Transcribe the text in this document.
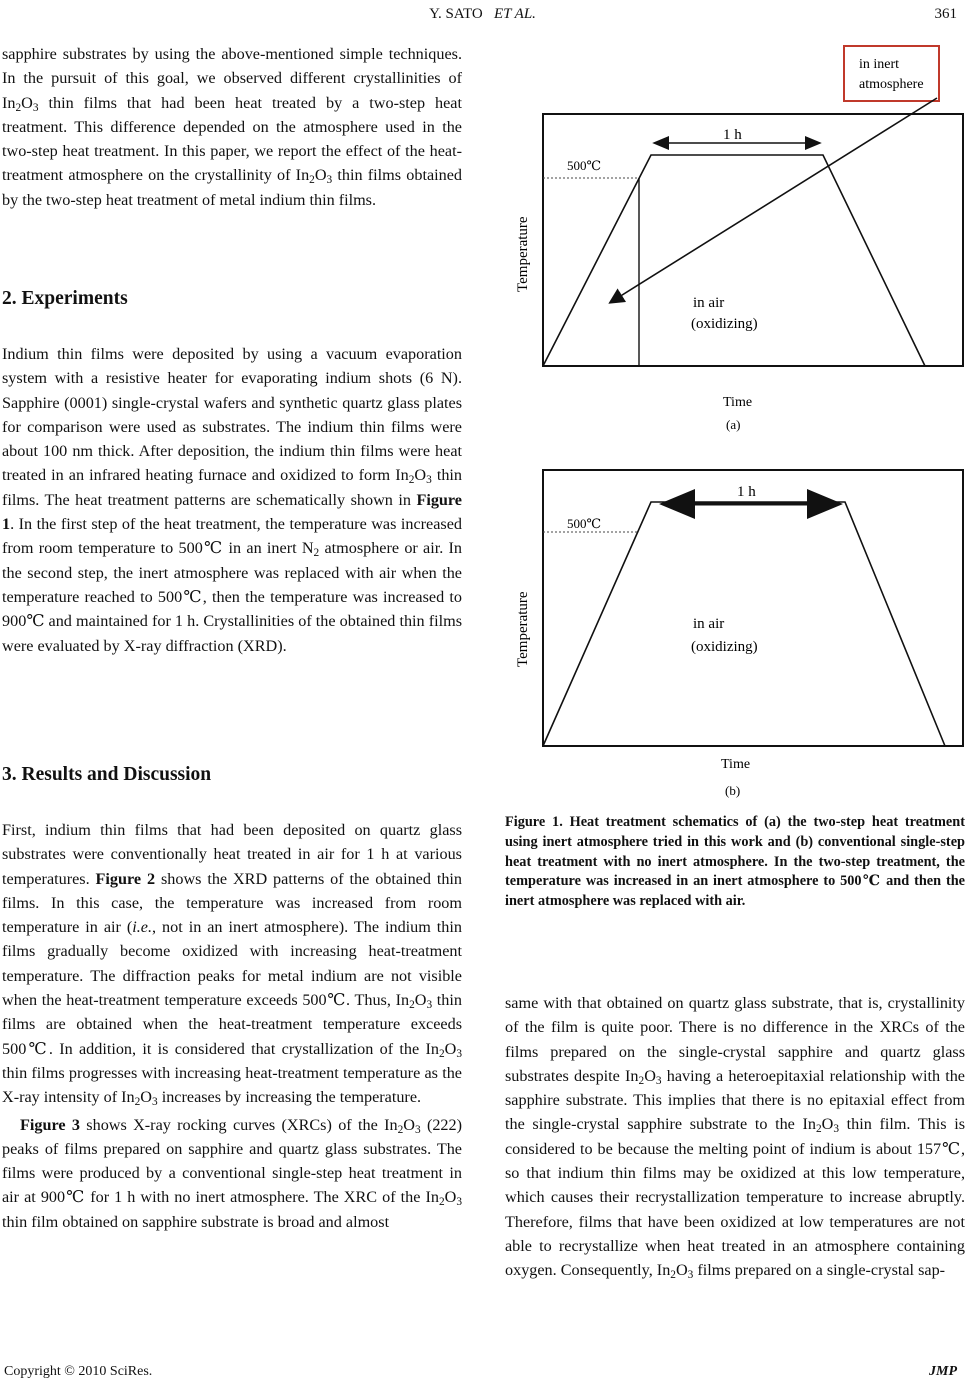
Y. SATO ET AL.	361

sapphire substrates by using the above-mentioned simple techniques. In the pursuit of this goal, we observed different crystallinities of $In_2O_3$ thin films that had been heat treated by a two-step heat treatment. This difference depended on the atmosphere used in the two-step heat treatment. In this paper, we report the effect of the heat-treatment atmosphere on the crystallinity of $In_2O_3$ thin films obtained by the two-step heat treatment of metal indium thin films.

2. Experiments

Indium thin films were deposited by using a vacuum evaporation system with a resistive heater for evaporating indium shots (6 N). Sapphire (0001) single-crystal wafers and synthetic quartz glass plates for comparison were used as substrates. The indium thin films were about 100 nm thick. After deposition, the indium thin films were heat treated in an infrared heating furnace and oxidized to form $In_2O_3$ thin films. The heat treatment patterns are schematically shown in Figure 1. In the first step of the heat treatment, the temperature was increased from room temperature to 500℃ in an inert $N_2$ atmosphere or air. In the second step, the inert atmosphere was replaced with air when the temperature reached to 500℃, then the temperature was increased to 900℃ and maintained for 1 h. Crystallinities of the obtained thin films were evaluated by X-ray diffraction (XRD).

3. Results and Discussion

First, indium thin films that had been deposited on quartz glass substrates were conventionally heat treated in air for 1 h at various temperatures. Figure 2 shows the XRD patterns of the obtained thin films. In this case, the temperature was increased from room temperature in air (i.e., not in an inert atmosphere). The indium thin films gradually become oxidized with increasing heat-treatment temperature. The diffraction peaks for metal indium are not visible when the heat-treatment temperature exceeds 500℃. Thus, $In_2O_3$ thin films are obtained when the heat-treatment temperature exceeds 500℃. In addition, it is considered that crystallization of the $In_2O_3$ thin films progresses with increasing heat-treatment temperature as the X-ray intensity of $In_2O_3$ increases by increasing the temperature.

Figure 3 shows X-ray rocking curves (XRCs) of the $In_2O_3$ (222) peaks of films prepared on sapphire and quartz glass substrates. The films were produced by a conventional single-step heat treatment in air at 900℃ for 1 h with no inert atmosphere. The XRC of the $In_2O_3$ thin film obtained on sapphire substrate is broad and almost

in inert
atmosphere
1 h
500℃
Temperature
in air
(oxidizing)
Time
(a)
1 h
500℃
Temperature	in air
(oxidizing)
Time
(b)
Figure 1. Heat treatment schematics of (a) the two-step heat treatment using inert atmosphere tried in this work and (b) conventional single-step heat treatment with no inert atmosphere. In the two-step treatment, the temperature was increased in an inert atmosphere to 500℃ and then the inert atmosphere was replaced with air.

same with that obtained on quartz glass substrate, that is, crystallinity of the film is quite poor. There is no difference in the XRCs of the films prepared on the single-crystal sapphire and quartz glass substrates despite $In_2O_3$ having a heteroepitaxial relationship with the sapphire substrate. This implies that there is no epitaxial effect from the single-crystal sapphire substrate to the $In_2O_3$ thin film. This is considered to be because the melting point of indium is about 157℃, so that indium thin films may be oxidized at this low temperature, which causes their recrystallization temperature to increase abruptly. Therefore, films that have been oxidized at low temperatures are not able to recrystallize when heat treated in an atmosphere containing oxygen. Consequently, $In_2O_3$ films prepared on a single-crystal sap-

Copyright © 2010 SciRes.	JMP
